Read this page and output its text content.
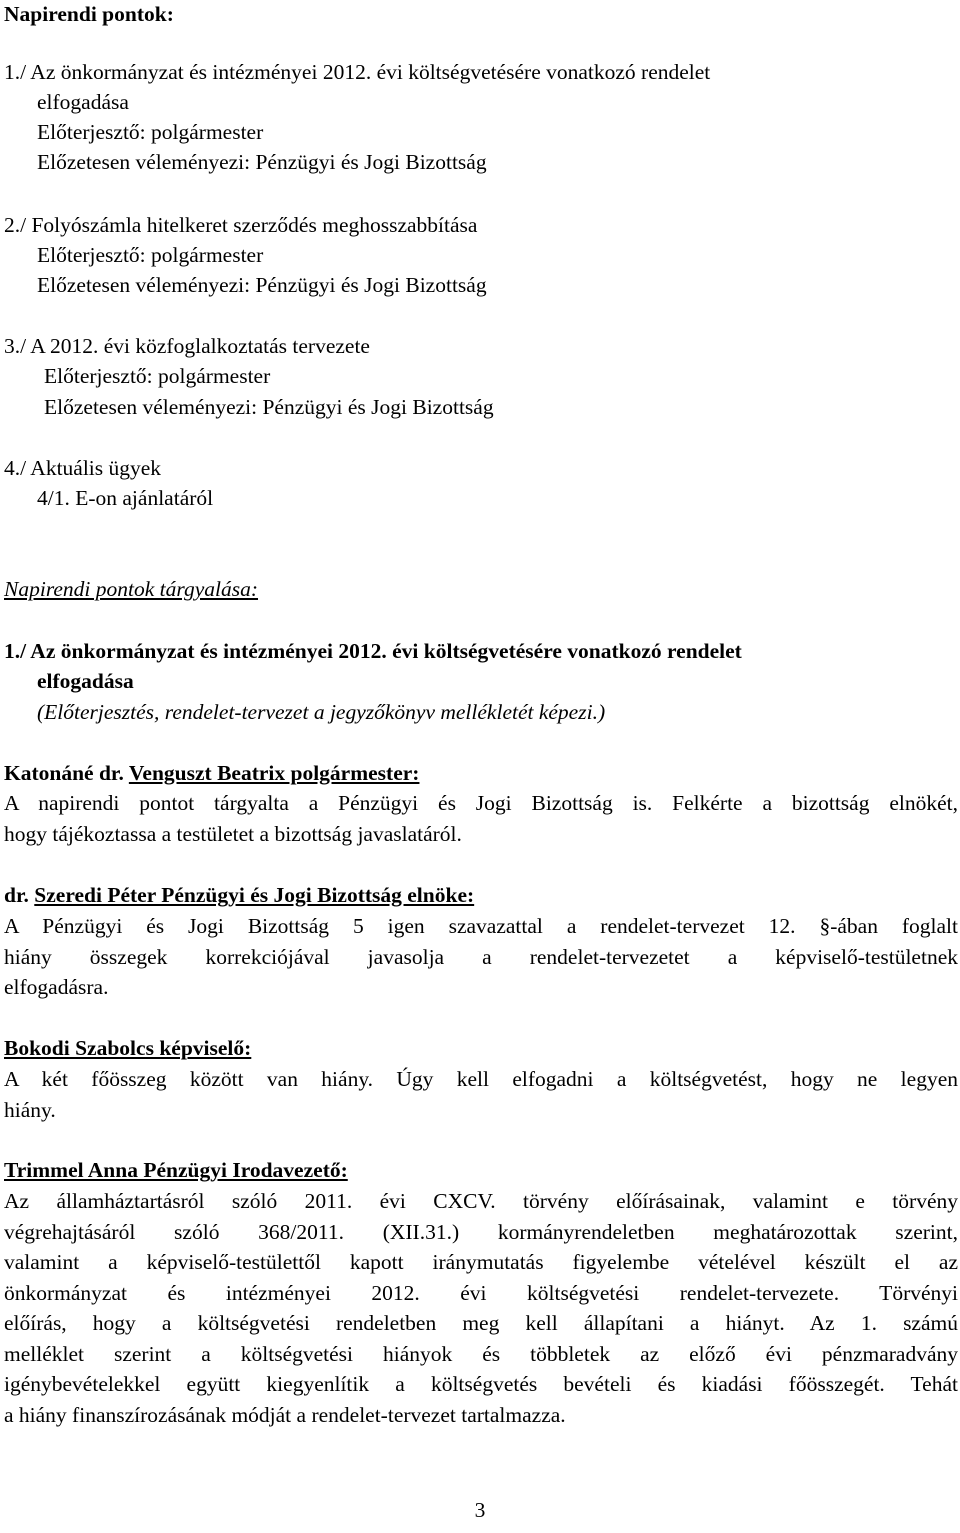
Napirendi pontok:
1./ Az önkormányzat és intézményei 2012. évi költségvetésére vonatkozó rendelet
elfogadása
Előterjesztő: polgármester
Előzetesen véleményezi: Pénzügyi és Jogi Bizottság
2./ Folyószámla hitelkeret szerződés meghosszabbítása
Előterjesztő: polgármester
Előzetesen véleményezi: Pénzügyi és Jogi Bizottság
3./ A 2012. évi közfoglalkoztatás tervezete
Előterjesztő: polgármester
Előzetesen véleményezi: Pénzügyi és Jogi Bizottság
4./ Aktuális ügyek
4/1. E-on ajánlatáról
Napirendi pontok tárgyalása:
1./ Az önkormányzat és intézményei 2012. évi költségvetésére vonatkozó rendelet
elfogadása
(Előterjesztés, rendelet-tervezet a jegyzőkönyv mellékletét képezi.)
Katonáné dr. Venguszt Beatrix polgármester:
A napirendi pontot tárgyalta a Pénzügyi és Jogi Bizottság is. Felkérte a bizottság elnökét,
hogy tájékoztassa a testületet a bizottság javaslatáról.
dr. Szeredi Péter Pénzügyi és Jogi Bizottság elnöke:
A Pénzügyi és Jogi Bizottság 5 igen szavazattal a rendelet-tervezet 12. §-ában foglalt
hiány összegek korrekciójával javasolja a rendelet-tervezetet a képviselő-testületnek
elfogadásra.
Bokodi Szabolcs képviselő:
A két főösszeg között van hiány. Úgy kell elfogadni a költségvetést, hogy ne legyen
hiány.
Trimmel Anna Pénzügyi Irodavezető:
Az államháztartásról szóló 2011. évi CXCV. törvény előírásainak, valamint e törvény
végrehajtásáról szóló 368/2011. (XII.31.) kormányrendeletben meghatározottak szerint,
valamint a képviselő-testülettől kapott iránymutatás figyelembe vételével készült el az
önkormányzat és intézményei 2012. évi költségvetési rendelet-tervezete. Törvényi
előírás, hogy a költségvetési rendeletben meg kell állapítani a hiányt. Az 1. számú
melléklet szerint a költségvetési hiányok és többletek az előző évi pénzmaradvány
igénybevételekkel együtt kiegyenlítik a költségvetés bevételi és kiadási főösszegét. Tehát
a hiány finanszírozásának módját a rendelet-tervezet tartalmazza.
3
